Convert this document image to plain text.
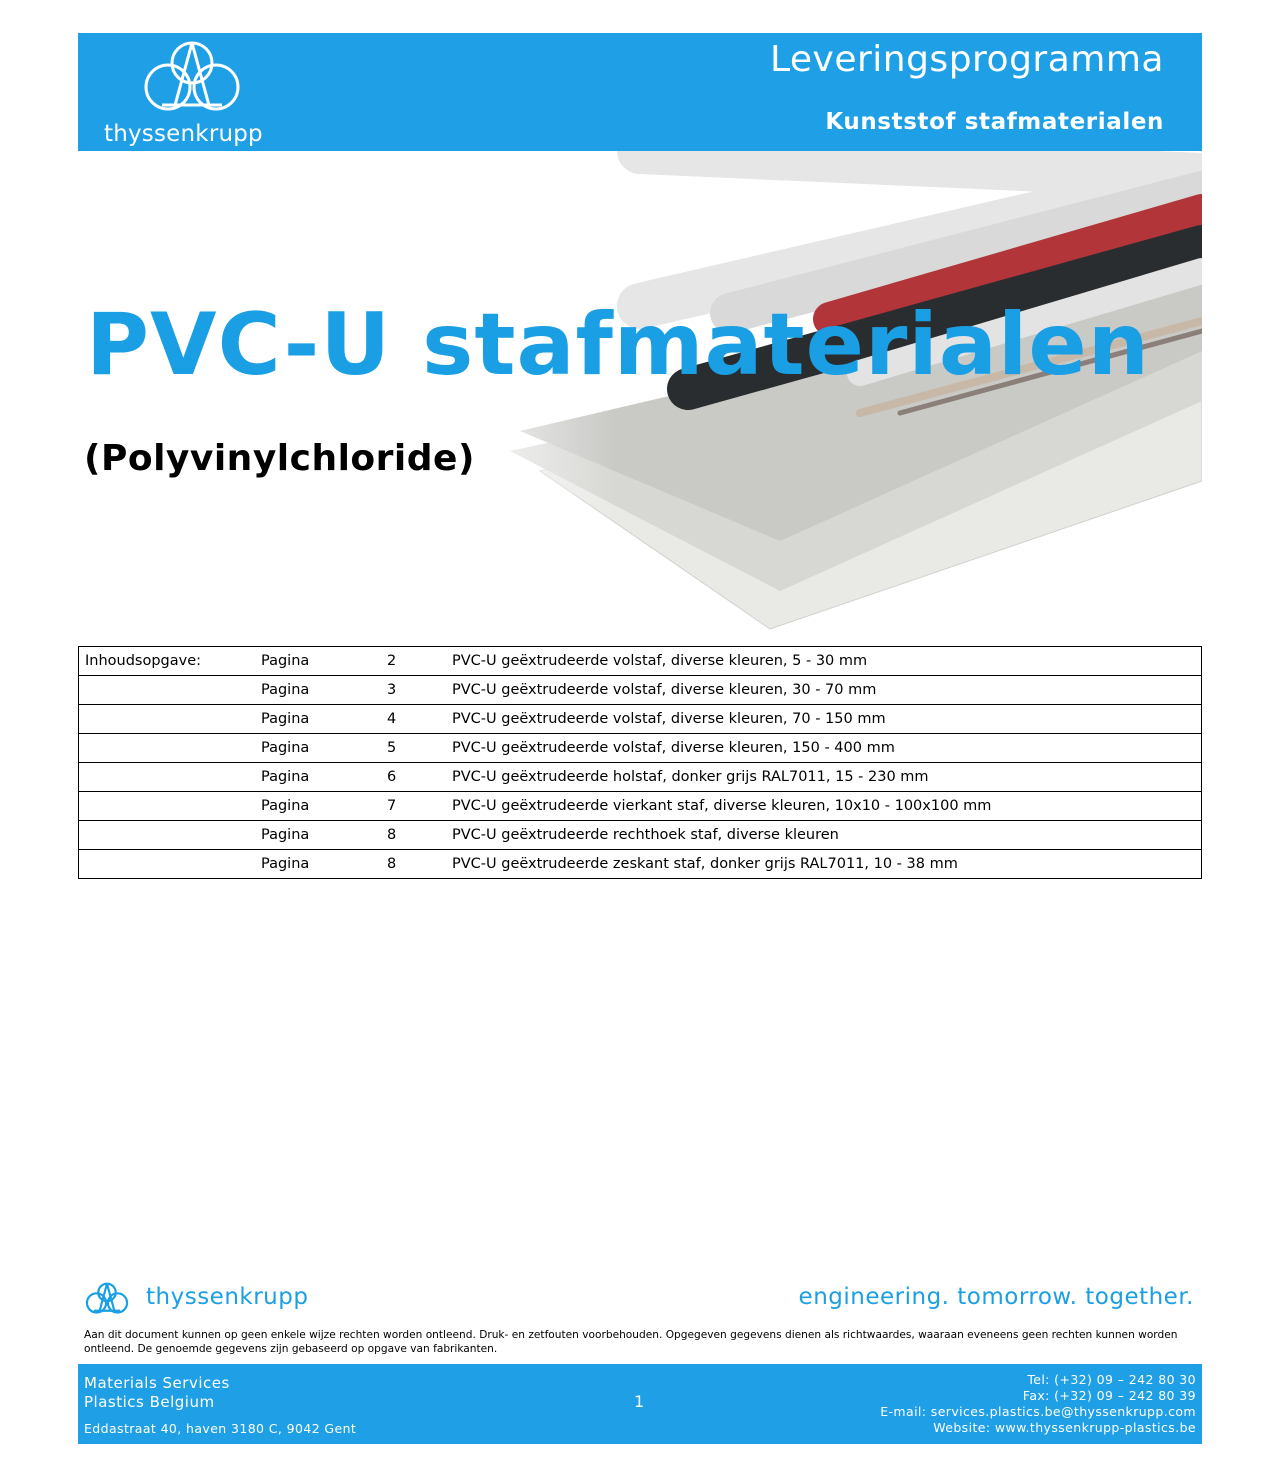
thyssenkrupp
Leveringsprogramma
Kunststof stafmaterialen
PVC-U stafmaterialen
(Polyvinylchloride)
Inhoudsopgave:	Pagina	2	PVC-U geëxtrudeerde volstaf, diverse kleuren, 5 - 30 mm
	Pagina	3	PVC-U geëxtrudeerde volstaf, diverse kleuren, 30 - 70 mm
	Pagina	4	PVC-U geëxtrudeerde volstaf, diverse kleuren, 70 - 150 mm
	Pagina	5	PVC-U geëxtrudeerde volstaf, diverse kleuren, 150 - 400 mm
	Pagina	6	PVC-U geëxtrudeerde holstaf, donker grijs RAL7011, 15 - 230 mm
	Pagina	7	PVC-U geëxtrudeerde vierkant staf, diverse kleuren, 10x10 - 100x100 mm
	Pagina	8	PVC-U geëxtrudeerde rechthoek staf, diverse kleuren
	Pagina	8	PVC-U geëxtrudeerde zeskant staf, donker grijs RAL7011, 10 - 38 mm
thyssenkrupp	engineering. tomorrow. together.
Aan dit document kunnen op geen enkele wijze rechten worden ontleend. Druk- en zetfouten voorbehouden. Opgegeven gegevens dienen als richtwaardes, waaraan eveneens geen rechten kunnen worden ontleend. De genoemde gegevens zijn gebaseerd op opgave van fabrikanten.
Materials Services
Plastics Belgium
Eddastraat 40, haven 3180 C, 9042 Gent
1
Tel: (+32) 09 – 242 80 30
Fax: (+32) 09 – 242 80 39
E-mail: services.plastics.be@thyssenkrupp.com
Website: www.thyssenkrupp-plastics.be
